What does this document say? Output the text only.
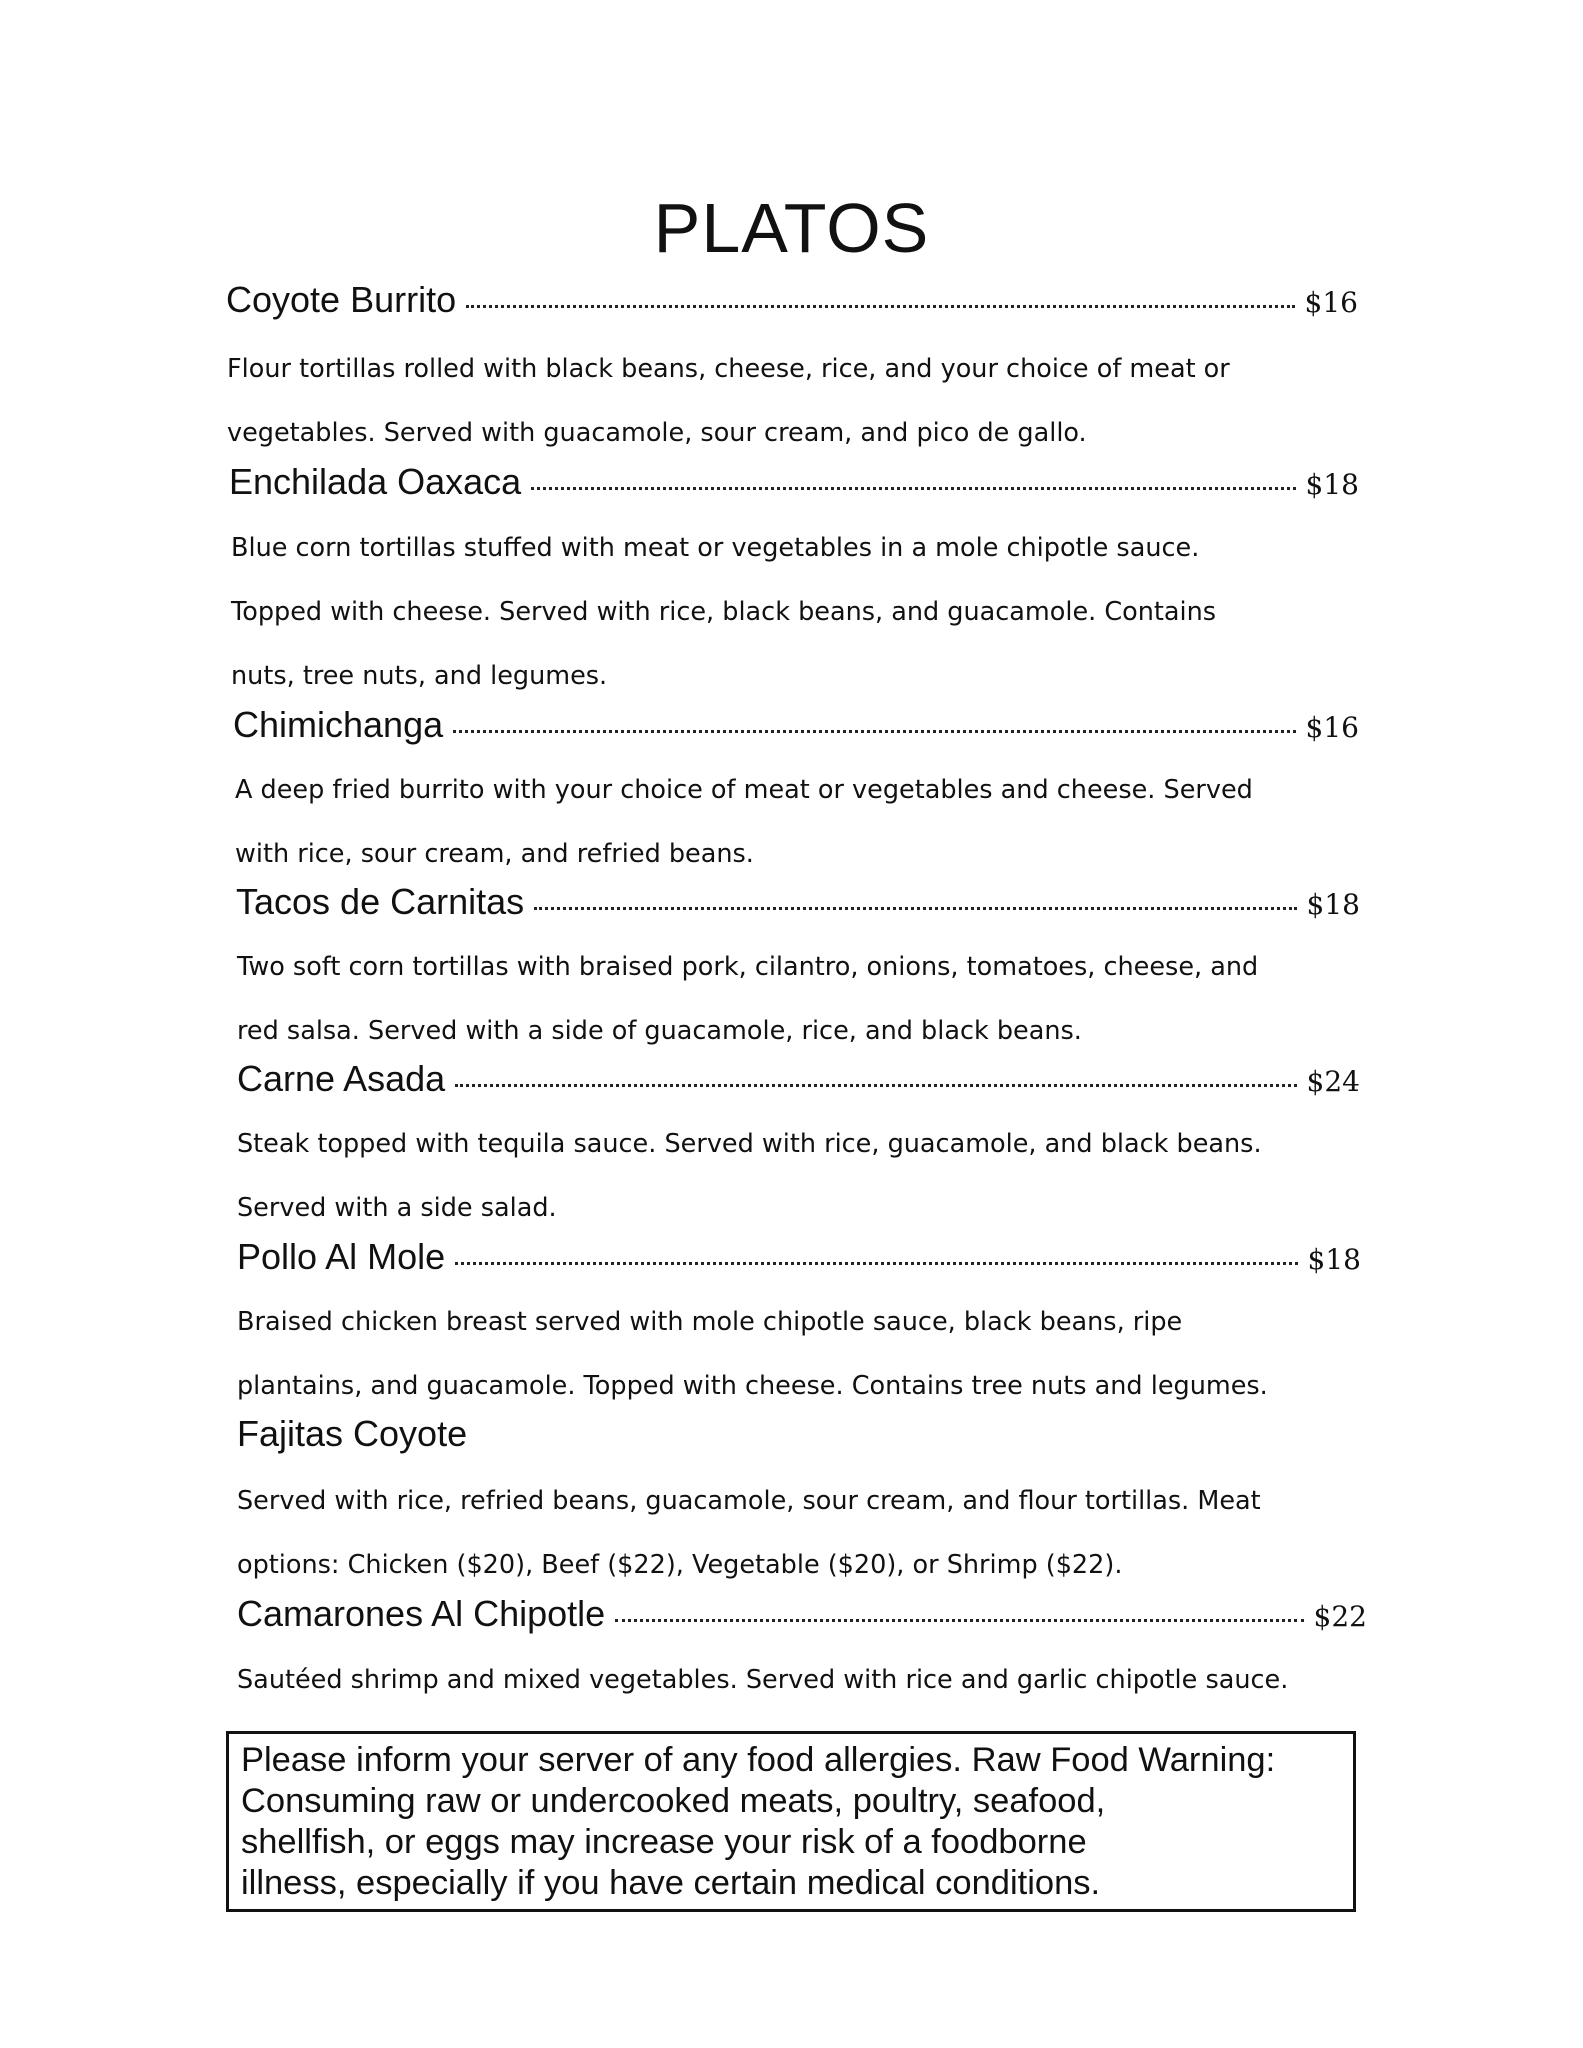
PLATOS
Coyote Burrito	$16

Flour tortillas rolled with black beans, cheese, rice, and your choice of meat or

vegetables. Served with guacamole, sour cream, and pico de gallo.

Enchilada Oaxaca	$18

Blue corn tortillas stuffed with meat or vegetables in a mole chipotle sauce.

Topped with cheese. Served with rice, black beans, and guacamole. Contains

nuts, tree nuts, and legumes.

Chimichanga	$16

A deep fried burrito with your choice of meat or vegetables and cheese. Served

with rice, sour cream, and refried beans.

Tacos de Carnitas	$18

Two soft corn tortillas with braised pork, cilantro, onions, tomatoes, cheese, and

red salsa. Served with a side of guacamole, rice, and black beans.

Carne Asada	$24

Steak topped with tequila sauce. Served with rice, guacamole, and black beans.

Served with a side salad.

Pollo Al Mole	$18

Braised chicken breast served with mole chipotle sauce, black beans, ripe

plantains, and guacamole. Topped with cheese. Contains tree nuts and legumes.

Fajitas Coyote

Served with rice, refried beans, guacamole, sour cream, and flour tortillas. Meat

options: Chicken ($20), Beef ($22), Vegetable ($20), or Shrimp ($22).

Camarones Al Chipotle	$22

Sautéed shrimp and mixed vegetables. Served with rice and garlic chipotle sauce.

Please inform your server of any food allergies. Raw Food Warning:
Consuming raw or undercooked meats, poultry, seafood,
shellfish, or eggs may increase your risk of a foodborne
illness, especially if you have certain medical conditions.
